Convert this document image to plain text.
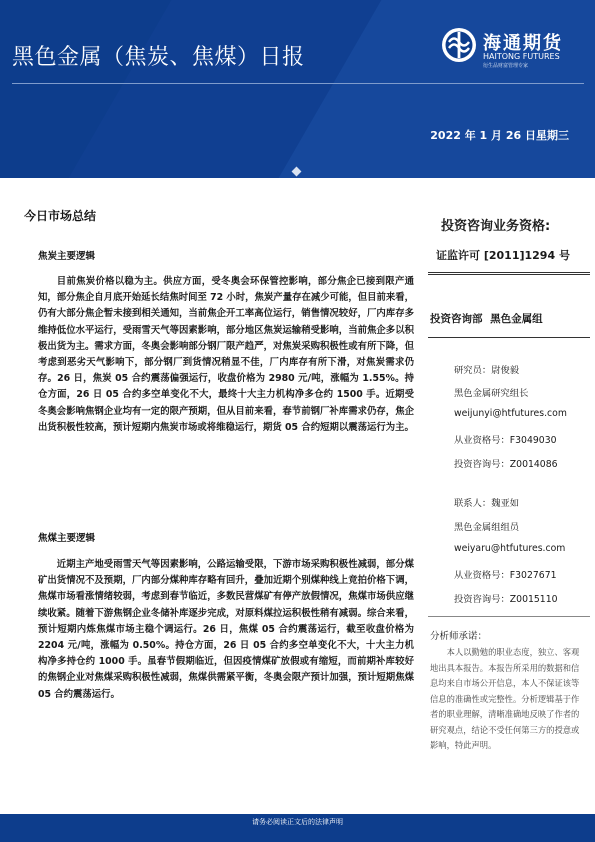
黑色金属（焦炭、焦煤）日报
海通期货
HAITONG FUTURES
衍生品财富管理专家
2022 年 1 月 26 日星期三
今日市场总结
焦炭主要逻辑
目前焦炭价格以稳为主。供应方面，受冬奥会环保管控影响，部分焦企已接到限产通知，部分焦企自月底开始延长结焦时间至 72 小时，焦炭产量存在减少可能，但目前来看，仍有大部分焦企暂未接到相关通知，当前焦企开工率高位运行，销售情况较好，厂内库存多维持低位水平运行，受雨雪天气等因素影响，部分地区焦炭运输稍受影响，当前焦企多以积极出货为主。需求方面，冬奥会影响部分钢厂限产趋严，对焦炭采购积极性或有所下降，但考虑到恶劣天气影响下，部分钢厂到货情况稍显不佳，厂内库存有所下滑，对焦炭需求仍存。26 日，焦炭 05 合约震荡偏强运行，收盘价格为 2980 元/吨，涨幅为 1.55%。持仓方面，26 日 05 合约多空单变化不大，最终十大主力机构净多仓约 1500 手。近期受冬奥会影响焦钢企业均有一定的限产预期，但从目前来看，春节前钢厂补库需求仍存，焦企出货积极性较高，预计短期内焦炭市场或将维稳运行，期货 05 合约短期以震荡运行为主。
焦煤主要逻辑
近期主产地受雨雪天气等因素影响，公路运输受限，下游市场采购积极性减弱，部分煤矿出货情况不及预期，厂内部分煤种库存略有回升，叠加近期个别煤种线上竞拍价格下调，焦煤市场看涨情绪较弱，考虑到春节临近，多数民营煤矿有停产放假情况，焦煤市场供应继续收紧。随着下游焦钢企业冬储补库逐步完成，对原料煤拉运积极性稍有减弱。综合来看，预计短期内炼焦煤市场主稳个调运行。26 日，焦煤 05 合约震荡运行，截至收盘价格为 2204 元/吨，涨幅为 0.50%。持仓方面，26 日 05 合约多空单变化不大，十大主力机构净多持仓约 1000 手。虽春节假期临近，但因疫情煤矿放假或有缩短，而前期补库较好的焦钢企业对焦煤采购积极性减弱，焦煤供需紧平衡，冬奥会限产预计加强，预计短期焦煤 05 合约震荡运行。
投资咨询业务资格:
证监许可 [2011]1294 号
投资咨询部 黑色金属组
研究员：尉俊毅
黑色金属研究组长
weijunyi@htfutures.com
从业资格号：F3049030
投资咨询号：Z0014086
联系人：魏亚如
黑色金属组组员
weiyaru@htfutures.com
从业资格号：F3027671
投资咨询号：Z0015110
分析师承诺：
本人以勤勉的职业态度，独立、客观地出具本报告。本报告所采用的数据和信息均来自市场公开信息，本人不保证该等信息的准确性或完整性。分析逻辑基于作者的职业理解，清晰准确地反映了作者的研究观点，结论不受任何第三方的授意或影响，特此声明。
请务必阅读正文后的法律声明
